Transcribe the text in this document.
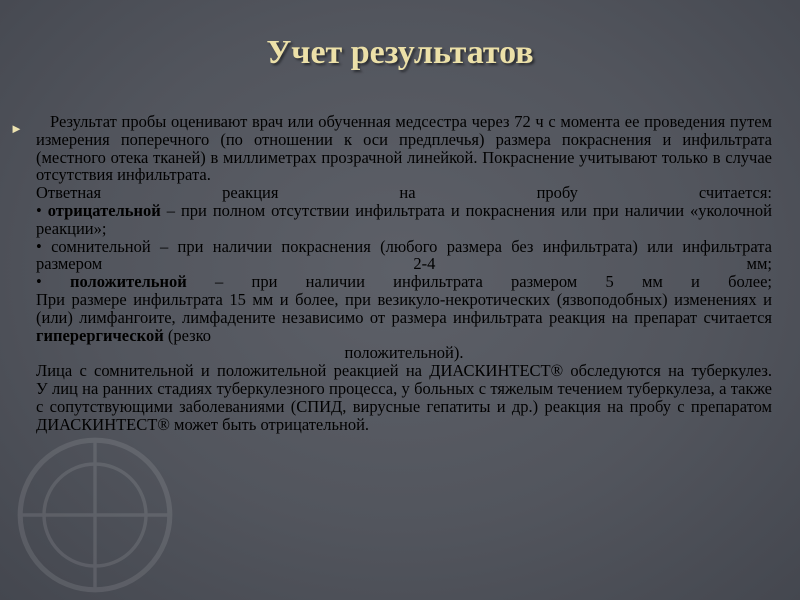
Учет результатов
►	Результат пробы оценивают врач или обученная медсестра через 72 ч с момента ее проведения путем измерения поперечного (по отношении к оси предплечья) размера покраснения и инфильтрата (местного отека тканей) в миллиметрах прозрачной линейкой. Покраснение учитывают только в случае отсутствия инфильтрата.

Ответная реакция на пробу считается:

• отрицательной – при полном отсутствии инфильтрата и покраснения или при наличии «уколочной реакции»;

• сомнительной – при наличии покраснения (любого размера без инфильтрата) или инфильтрата размером 2-4 мм;

• положительной – при наличии инфильтрата размером 5 мм и более;

При размере инфильтрата 15 мм и более, при везикуло-некротических (язвоподобных) изменениях и (или) лимфангоите, лимфадените независимо от размера инфильтрата реакция на препарат считается гиперергической (резко

положительной).

Лица с сомнительной и положительной реакцией на ДИАСКИНТЕСТ® обследуются на туберкулез.

У лиц на ранних стадиях туберкулезного процесса, у больных с тяжелым течением туберкулеза, а также с сопутствующими заболеваниями (СПИД, вирусные гепатиты и др.) реакция на пробу с препаратом ДИАСКИНТЕСТ® может быть отрицательной.
